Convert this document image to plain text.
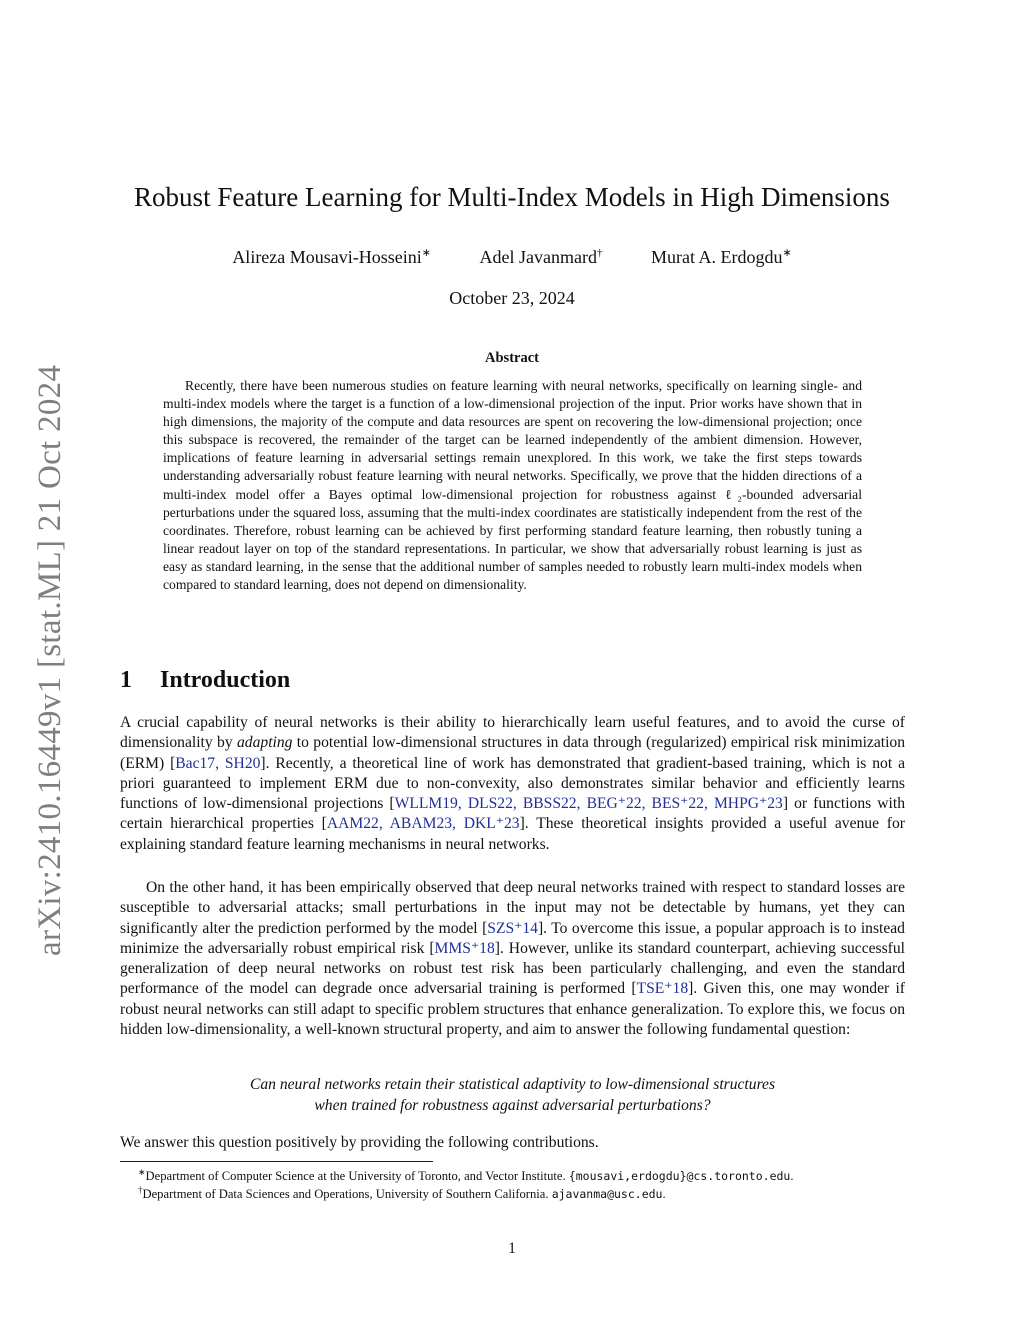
arXiv:2410.16449v1 [stat.ML] 21 Oct 2024
Robust Feature Learning for Multi-Index Models in High Dimensions
Alireza Mousavi-Hosseini∗	Adel Javanmard†	Murat A. Erdogdu∗
October 23, 2024
Abstract

Recently, there have been numerous studies on feature learning with neural networks, specifically on learning single- and multi-index models where the target is a function of a low-dimensional projection of the input. Prior works have shown that in high dimensions, the majority of the compute and data resources are spent on recovering the low-dimensional projection; once this subspace is recovered, the remainder of the target can be learned independently of the ambient dimension. However, implications of feature learning in adversarial settings remain unexplored. In this work, we take the first steps towards understanding adversarially robust feature learning with neural networks. Specifically, we prove that the hidden directions of a multi-index model offer a Bayes optimal low-dimensional projection for robustness against ℓ₂-bounded adversarial perturbations under the squared loss, assuming that the multi-index coordinates are statistically independent from the rest of the coordinates. Therefore, robust learning can be achieved by first performing standard feature learning, then robustly tuning a linear readout layer on top of the standard representations. In particular, we show that adversarially robust learning is just as easy as standard learning, in the sense that the additional number of samples needed to robustly learn multi-index models when compared to standard learning, does not depend on dimensionality.

1 Introduction

A crucial capability of neural networks is their ability to hierarchically learn useful features, and to avoid the curse of dimensionality by adapting to potential low-dimensional structures in data through (regularized) empirical risk minimization (ERM) [Bac17, SH20]. Recently, a theoretical line of work has demonstrated that gradient-based training, which is not a priori guaranteed to implement ERM due to non-convexity, also demonstrates similar behavior and efficiently learns functions of low-dimensional projections [WLLM19, DLS22, BBSS22, BEG⁺22, BES⁺22, MHPG⁺23] or functions with certain hierarchical properties [AAM22, ABAM23, DKL⁺23]. These theoretical insights provided a useful avenue for explaining standard feature learning mechanisms in neural networks.

On the other hand, it has been empirically observed that deep neural networks trained with respect to standard losses are susceptible to adversarial attacks; small perturbations in the input may not be detectable by humans, yet they can significantly alter the prediction performed by the model [SZS⁺14]. To overcome this issue, a popular approach is to instead minimize the adversarially robust empirical risk [MMS⁺18]. However, unlike its standard counterpart, achieving successful generalization of deep neural networks on robust test risk has been particularly challenging, and even the standard performance of the model can degrade once adversarial training is performed [TSE⁺18]. Given this, one may wonder if robust neural networks can still adapt to specific problem structures that enhance generalization. To explore this, we focus on hidden low-dimensionality, a well-known structural property, and aim to answer the following fundamental question:

Can neural networks retain their statistical adaptivity to low-dimensional structures
when trained for robustness against adversarial perturbations?

We answer this question positively by providing the following contributions.

∗Department of Computer Science at the University of Toronto, and Vector Institute. {mousavi,erdogdu}@cs.toronto.edu.

†Department of Data Sciences and Operations, University of Southern California. ajavanma@usc.edu.

1
